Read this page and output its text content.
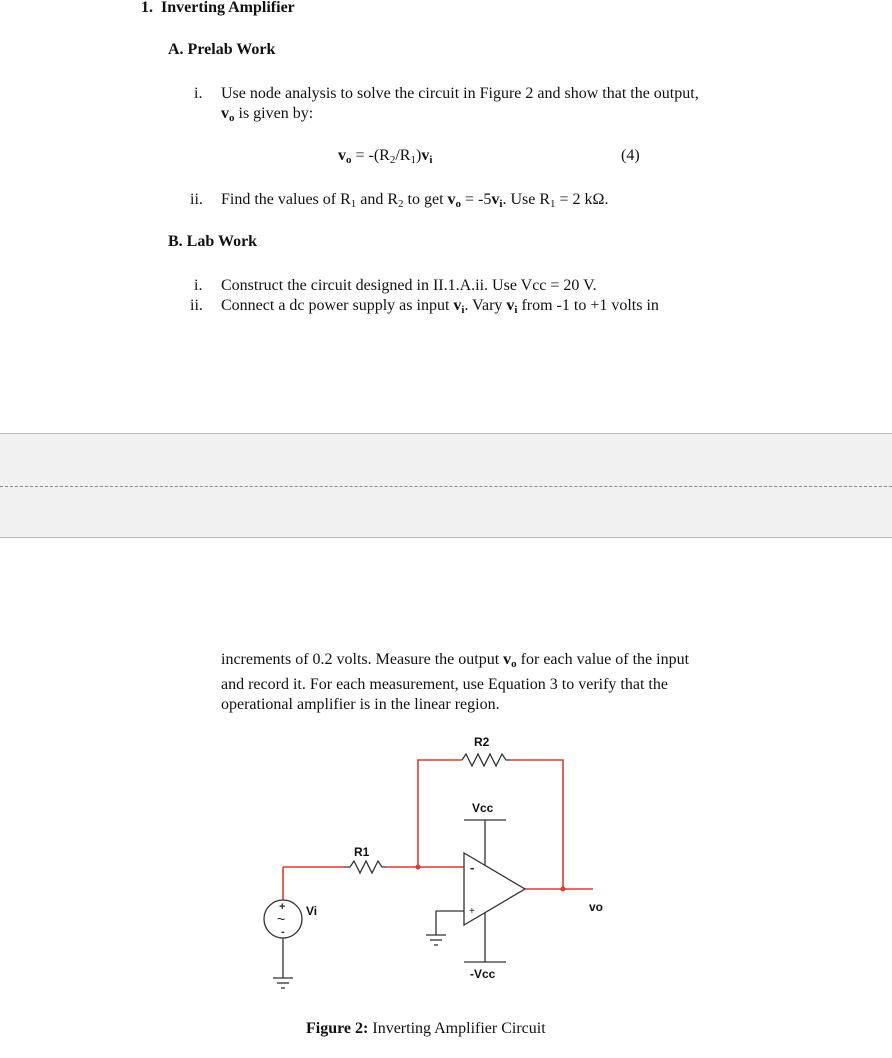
1. Inverting Amplifier
A. Prelab Work
i. Use node analysis to solve the circuit in Figure 2 and show that the output,
$v_o$ is given by:
$v_o = -(R_2/R_1)v_i$	(4)
ii. Find the values of $R_1$ and $R_2$ to get $v_o = -5v_i$. Use $R_1 = 2$ kΩ.
B. Lab Work
i. Construct the circuit designed in II.1.A.ii. Use Vcc = 20 V.
ii. Connect a dc power supply as input $v_i$. Vary $v_i$ from -1 to +1 volts in
increments of 0.2 volts. Measure the output $v_o$ for each value of the input
and record it. For each measurement, use Equation 3 to verify that the
operational amplifier is in the linear region.
-
+
+
~
-
R2
R1
Vcc
-Vcc
Vi	vo
Figure 2: Inverting Amplifier Circuit
